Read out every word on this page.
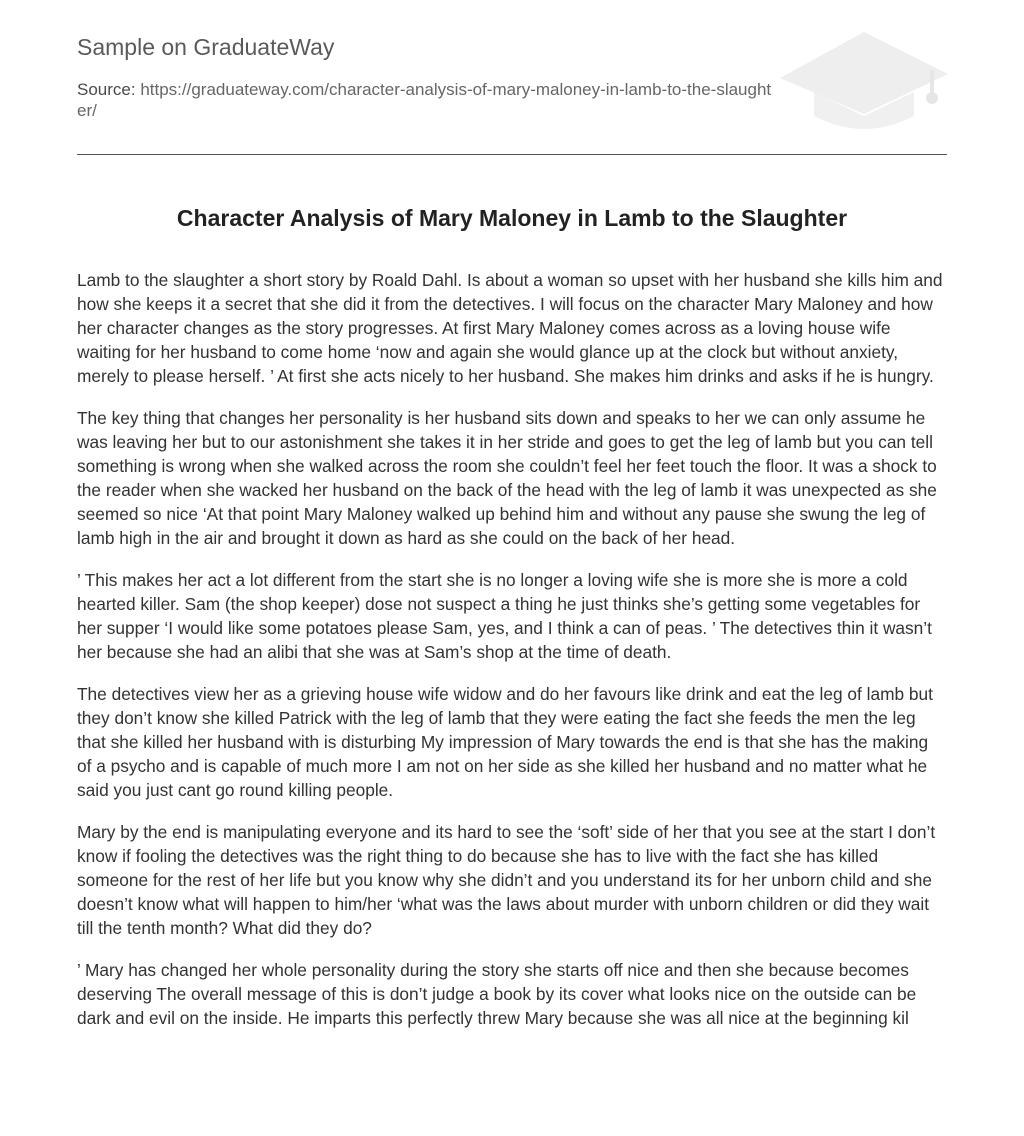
Sample on GraduateWay
Source: https://graduateway.com/character-analysis-of-mary-maloney-in-lamb-to-the-slaughter/
Character Analysis of Mary Maloney in Lamb to the Slaughter

Lamb to the slaughter a short story by Roald Dahl. Is about a woman so upset with her husband she kills him and how she keeps it a secret that she did it from the detectives. I will focus on the character Mary Maloney and how her character changes as the story progresses. At first Mary Maloney comes across as a loving house wife waiting for her husband to come home ‘now and again she would glance up at the clock but without anxiety, merely to please herself. ’ At first she acts nicely to her husband. She makes him drinks and asks if he is hungry.

The key thing that changes her personality is her husband sits down and speaks to her we can only assume he was leaving her but to our astonishment she takes it in her stride and goes to get the leg of lamb but you can tell something is wrong when she walked across the room she couldn’t feel her feet touch the floor. It was a shock to the reader when she wacked her husband on the back of the head with the leg of lamb it was unexpected as she seemed so nice ‘At that point Mary Maloney walked up behind him and without any pause she swung the leg of lamb high in the air and brought it down as hard as she could on the back of her head.

’ This makes her act a lot different from the start she is no longer a loving wife she is more she is more a cold hearted killer. Sam (the shop keeper) dose not suspect a thing he just thinks she’s getting some vegetables for her supper ‘I would like some potatoes please Sam, yes, and I think a can of peas. ’ The detectives thin it wasn’t her because she had an alibi that she was at Sam’s shop at the time of death.

The detectives view her as a grieving house wife widow and do her favours like drink and eat the leg of lamb but they don’t know she killed Patrick with the leg of lamb that they were eating the fact she feeds the men the leg that she killed her husband with is disturbing My impression of Mary towards the end is that she has the making of a psycho and is capable of much more I am not on her side as she killed her husband and no matter what he said you just cant go round killing people.

Mary by the end is manipulating everyone and its hard to see the ‘soft’ side of her that you see at the start I don’t know if fooling the detectives was the right thing to do because she has to live with the fact she has killed someone for the rest of her life but you know why she didn’t and you understand its for her unborn child and she doesn’t know what will happen to him/her ‘what was the laws about murder with unborn children or did they wait till the tenth month? What did they do?

’ Mary has changed her whole personality during the story she starts off nice and then she because becomes deserving The overall message of this is don’t judge a book by its cover what looks nice on the outside can be dark and evil on the inside. He imparts this perfectly threw Mary because she was all nice at the beginning kil
